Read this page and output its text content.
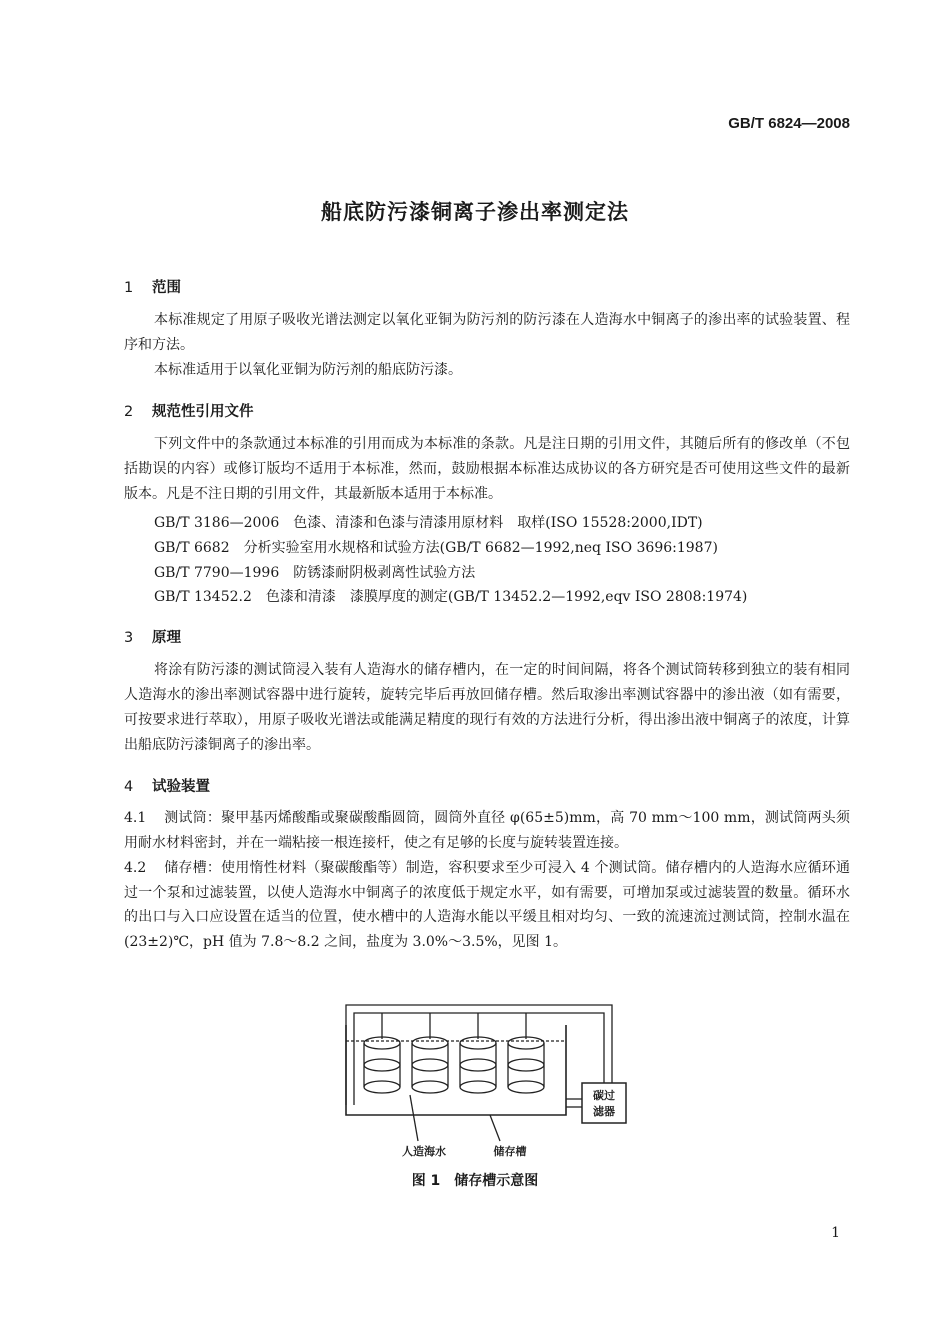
GB/T 6824—2008
船底防污漆铜离子渗出率测定法
1 范围
本标准规定了用原子吸收光谱法测定以氧化亚铜为防污剂的防污漆在人造海水中铜离子的渗出率的试验装置、程序和方法。
本标准适用于以氧化亚铜为防污剂的船底防污漆。
2 规范性引用文件
下列文件中的条款通过本标准的引用而成为本标准的条款。凡是注日期的引用文件，其随后所有的修改单（不包括勘误的内容）或修订版均不适用于本标准，然而，鼓励根据本标准达成协议的各方研究是否可使用这些文件的最新版本。凡是不注日期的引用文件，其最新版本适用于本标准。
GB/T 3186—2006　色漆、清漆和色漆与清漆用原材料　取样(ISO 15528:2000,IDT)
GB/T 6682　分析实验室用水规格和试验方法(GB/T 6682—1992,neq ISO 3696:1987)
GB/T 7790—1996　防锈漆耐阴极剥离性试验方法
GB/T 13452.2　色漆和清漆　漆膜厚度的测定(GB/T 13452.2—1992,eqv ISO 2808:1974)
3 原理
将涂有防污漆的测试筒浸入装有人造海水的储存槽内，在一定的时间间隔，将各个测试筒转移到独立的装有相同人造海水的渗出率测试容器中进行旋转，旋转完毕后再放回储存槽。然后取渗出率测试容器中的渗出液（如有需要，可按要求进行萃取），用原子吸收光谱法或能满足精度的现行有效的方法进行分析，得出渗出液中铜离子的浓度，计算出船底防污漆铜离子的渗出率。
4 试验装置
4.1 测试筒：聚甲基丙烯酸酯或聚碳酸酯圆筒，圆筒外直径 φ(65±5)mm，高 70 mm～100 mm，测试筒两头须用耐水材料密封，并在一端粘接一根连接杆，使之有足够的长度与旋转装置连接。
4.2 储存槽：使用惰性材料（聚碳酸酯等）制造，容积要求至少可浸入 4 个测试筒。储存槽内的人造海水应循环通过一个泵和过滤装置，以使人造海水中铜离子的浓度低于规定水平，如有需要，可增加泵或过滤装置的数量。循环水的出口与入口应设置在适当的位置，使水槽中的人造海水能以平缓且相对均匀、一致的流速流过测试筒，控制水温在(23±2)℃，pH 值为 7.8～8.2 之间，盐度为 3.0%～3.5%，见图 1。
碳过
滤器
人造海水	储存槽
图 1　储存槽示意图
1
